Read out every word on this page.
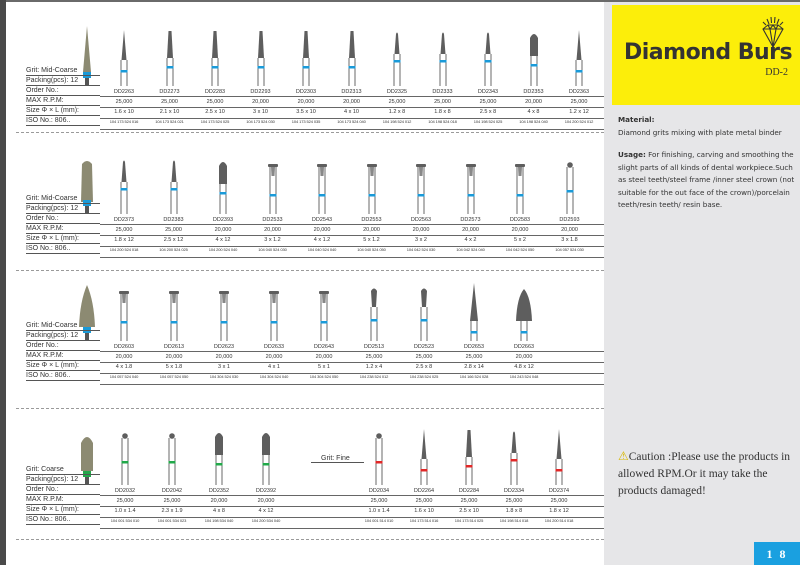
Grit: Mid-Coarse
Packing(pcs): 12
Order No.:
MAX R.P.M:
Size Φ × L (mm):
ISO No.: 806..
DD2263
25,000
1.6 x 10
104 173 524 016
DD2273
25,000
2.1 x 10
104 173 524 021
DD2283
25,000
2.5 x 10
104 173 524 025
DD2293
20,000
3 x 10
104 173 524 030
DD2303
20,000
3.5 x 10
104 173 524 035
DD2313
20,000
4 x 10
104 173 524 040
DD2325
25,000
1.2 x 8
104 198 524 012
DD2333
25,000
1.8 x 8
104 198 524 018
DD2343
25,000
2.5 x 8
104 198 524 025
DD2353
20,000
4 x 8
104 198 524 040
DD2363
25,000
1.2 x 12
104 200 524 012
Grit: Mid-Coarse
Packing(pcs): 12
Order No.:
MAX R.P.M:
Size Φ × L (mm):
ISO No.: 806..
DD2373
25,000
1.8 x 12
104 200 524 018
DD2383
25,000
2.5 x 12
104 200 524 025
DD2393
20,000
4 x 12
104 200 524 040
DD2533
20,000
3 x 1.2
104 040 524 030
DD2543
20,000
4 x 1.2
104 040 524 040
DD2553
20,000
5 x 1.2
104 040 524 050
DD2563
20,000
3 x 2
104 042 524 030
DD2573
20,000
4 x 2
104 042 524 040
DD2583
20,000
5 x 2
104 042 524 050
DD2593
20,000
3 x 1.8
104 057 524 030
Grit: Mid-Coarse
Packing(pcs): 12
Order No.:
MAX R.P.M:
Size Φ × L (mm):
ISO No.: 806..
DD2603
20,000
4 x 1.8
104 057 524 040
DD2613
20,000
5 x 1.8
104 057 524 050
DD2623
20,000
3 x 1
104 304 524 030
DD2633
20,000
4 x 1
104 304 524 040
DD2643
20,000
5 x 1
104 304 524 050
DD2513
25,000
1.2 x 4
104 238 524 012
DD2523
25,000
2.5 x 8
104 238 524 025
DD2653
25,000
2.8 x 14
104 166 524 028
DD2663
20,000
4.8 x 12
104 243 524 048
Grit: Coarse
Packing(pcs): 12
Order No.:
MAX R.P.M:
Size Φ × L (mm):
ISO No.: 806..
Grit: Fine
DD2032
25,000
1.0 x 1.4
104 001 534 010
DD2042
25,000
2.3 x 1.9
104 001 534 023
DD2352
20,000
4 x 8
104 198 534 040
DD2392
20,000
4 x 12
104 200 534 040
DD2034
25,000
1.0 x 1.4
104 001 514 010
DD2264
25,000
1.6 x 10
104 173 514 016
DD2284
25,000
2.5 x 10
104 173 514 025
DD2334
25,000
1.8 x 8
104 198 514 018
DD2374
25,000
1.8 x 12
104 200 514 018
Diamond Burs
DD-2
Material:
Diamond grits mixing with plate metal binder
Usage: For finishing, carving and smoothing the slight parts of all kinds of dental workpiece.Such as steel teeth/steel frame /inner steel crown (not suitable for the out face of the crown)/porcelain teeth/resin teeth/ resin base.
⚠Caution :Please use the products in allowed RPM.Or it may take the products damaged!
1 8
